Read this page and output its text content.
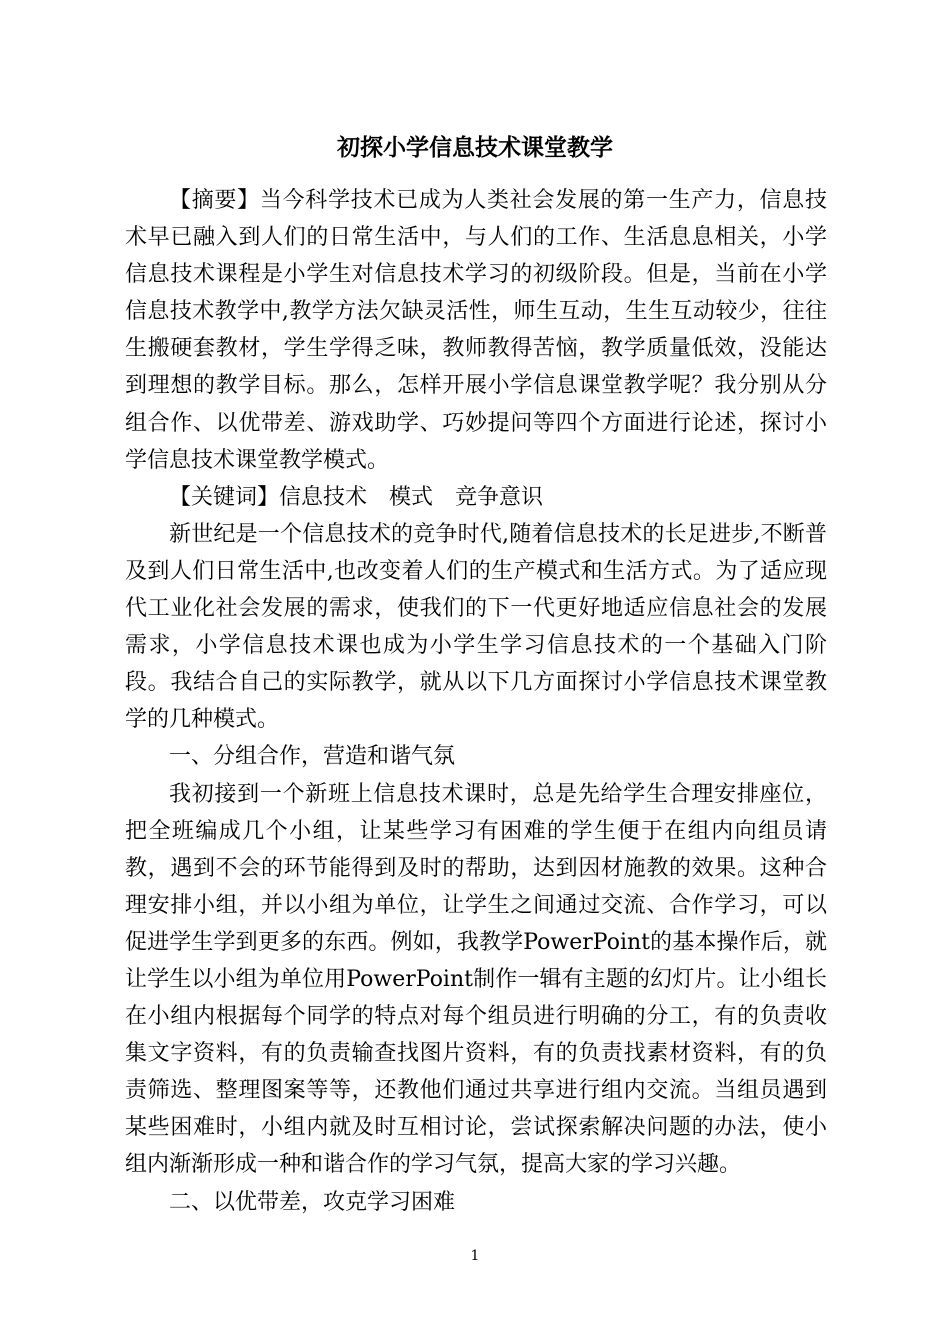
初探小学信息技术课堂教学

【摘要】当今科学技术已成为人类社会发展的第一生产力，信息技术早已融入到人们的日常生活中，与人们的工作、生活息息相关，小学信息技术课程是小学生对信息技术学习的初级阶段。但是，当前在小学信息技术教学中,教学方法欠缺灵活性，师生互动，生生互动较少，往往生搬硬套教材，学生学得乏味，教师教得苦恼，教学质量低效，没能达到理想的教学目标。那么，怎样开展小学信息课堂教学呢？我分别从分组合作、以优带差、游戏助学、巧妙提问等四个方面进行论述，探讨小学信息技术课堂教学模式。

【关键词】信息技术　模式　竞争意识

新世纪是一个信息技术的竞争时代,随着信息技术的长足进步,不断普及到人们日常生活中,也改变着人们的生产模式和生活方式。为了适应现代工业化社会发展的需求，使我们的下一代更好地适应信息社会的发展需求，小学信息技术课也成为小学生学习信息技术的一个基础入门阶段。我结合自己的实际教学，就从以下几方面探讨小学信息技术课堂教学的几种模式。

一、分组合作，营造和谐气氛

我初接到一个新班上信息技术课时，总是先给学生合理安排座位，把全班编成几个小组，让某些学习有困难的学生便于在组内向组员请教，遇到不会的环节能得到及时的帮助，达到因材施教的效果。这种合理安排小组，并以小组为单位，让学生之间通过交流、合作学习，可以促进学生学到更多的东西。例如，我教学PowerPoint的基本操作后，就让学生以小组为单位用PowerPoint制作一辑有主题的幻灯片。让小组长在小组内根据每个同学的特点对每个组员进行明确的分工，有的负责收集文字资料，有的负责输查找图片资料，有的负责找素材资料，有的负责筛选、整理图案等等，还教他们通过共享进行组内交流。当组员遇到某些困难时，小组内就及时互相讨论，尝试探索解决问题的办法，使小组内渐渐形成一种和谐合作的学习气氛，提高大家的学习兴趣。

二、以优带差，攻克学习困难

1
